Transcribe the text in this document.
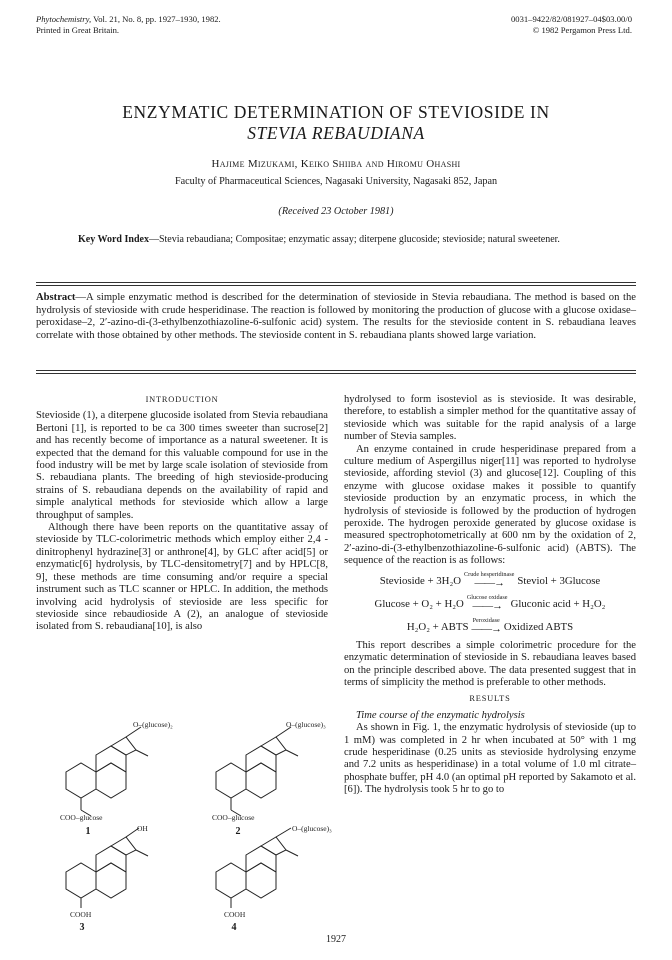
Phytochemistry, Vol. 21, No. 8, pp. 1927–1930, 1982.
Printed in Great Britain.
0031–9422/82/081927–04$03.00/0
© 1982 Pergamon Press Ltd.
ENZYMATIC DETERMINATION OF STEVIOSIDE IN
STEVIA REBAUDIANA
Hajime Mizukami, Keiko Shiiba and Hiromu Ohashi
Faculty of Pharmaceutical Sciences, Nagasaki University, Nagasaki 852, Japan
(Received 23 October 1981)
Key Word Index—Stevia rebaudiana; Compositae; enzymatic assay; diterpene glucoside; stevioside; natural sweetener.
Abstract—A simple enzymatic method is described for the determination of stevioside in Stevia rebaudiana. The method is based on the hydrolysis of stevioside with crude hesperidinase. The reaction is followed by monitoring the production of glucose with a glucose oxidase–peroxidase–2, 2′-azino-di-(3-ethylbenzothiazoline-6-sulfonic acid) system. The results for the stevioside content in S. rebaudiana leaves correlate with those obtained by other methods. The stevioside content in S. rebaudiana plants showed large variation.
INTRODUCTION

Stevioside (1), a diterpene glucoside isolated from Stevia rebaudiana Bertoni [1], is reported to be ca 300 times sweeter than sucrose[2] and has recently become of importance as a natural sweetener. It is expected that the demand for this valuable compound for use in the food industry will be met by large scale isolation of stevioside from S. rebaudiana plants. The breeding of high stevioside-producing strains of S. rebaudiana depends on the availability of rapid and simple analytical methods for stevioside which allow a large throughput of samples.

Although there have been reports on the quantitative assay of stevioside by TLC-colorimetric methods which employ either 2,4 - dinitrophenyl hydrazine[3] or anthrone[4], by GLC after acid[5] or enzymatic[6] hydrolysis, by TLC-densitometry[7] and by HPLC[8, 9], these methods are time consuming and/or require a special instrument such as TLC scanner or HPLC. In addition, the methods involving acid hydrolysis of stevioside are less specific for stevioside since rebaudioside A (2), an analogue of stevioside isolated from S. rebaudiana[10], is also

O–(glucose)₂
COO–glucose
1
O–(glucose)₃
COO–glucose
2
OH
COOH
3
O–(glucose)₃
COOH
4

hydrolysed to form isosteviol as is stevioside. It was desirable, therefore, to establish a simpler method for the quantitative assay of stevioside which was suitable for the rapid analysis of a large number of Stevia samples.

An enzyme contained in crude hesperidinase prepared from a culture medium of Aspergillus niger[11] was reported to hydrolyse stevioside, affording steviol (3) and glucose[12]. Coupling of this enzyme with glucose oxidase makes it possible to quantify stevioside production by an enzymatic process, in which the hydrolysis of stevioside is followed by the production of hydrogen peroxide. The hydrogen peroxide generated by glucose oxidase is measured spectrophotometrically at 600 nm by the oxidation of 2, 2′-azino-di-(3-ethylbenzothiazoline-6-sulfonic acid) (ABTS). The sequence of the reaction is as follows:

Stevioside + 3H₂O
Crude hesperidinase
——→ Steviol + 3Glucose
Glucose + O₂ + H₂O
Glucose oxidase
——→ Gluconic acid + H₂O₂
H₂O₂ + ABTS
Peroxidase
——→ Oxidized ABTS

This report describes a simple colorimetric procedure for the enzymatic determination of stevioside in S. rebaudiana leaves based on the principle described above. The data presented suggest that in terms of simplicity the method is preferable to other methods.

RESULTS

Time course of the enzymatic hydrolysis

As shown in Fig. 1, the enzymatic hydrolysis of stevioside (up to 1 mM) was completed in 2 hr when incubated at 50° with 1 mg crude hesperidinase (0.25 units as stevioside hydrolysing enzyme and 7.2 units as hesperidinase) in a total volume of 1.0 ml citrate–phosphate buffer, pH 4.0 (an optimal pH reported by Sakamoto et al.[6]). The hydrolysis took 5 hr to go to

1927
